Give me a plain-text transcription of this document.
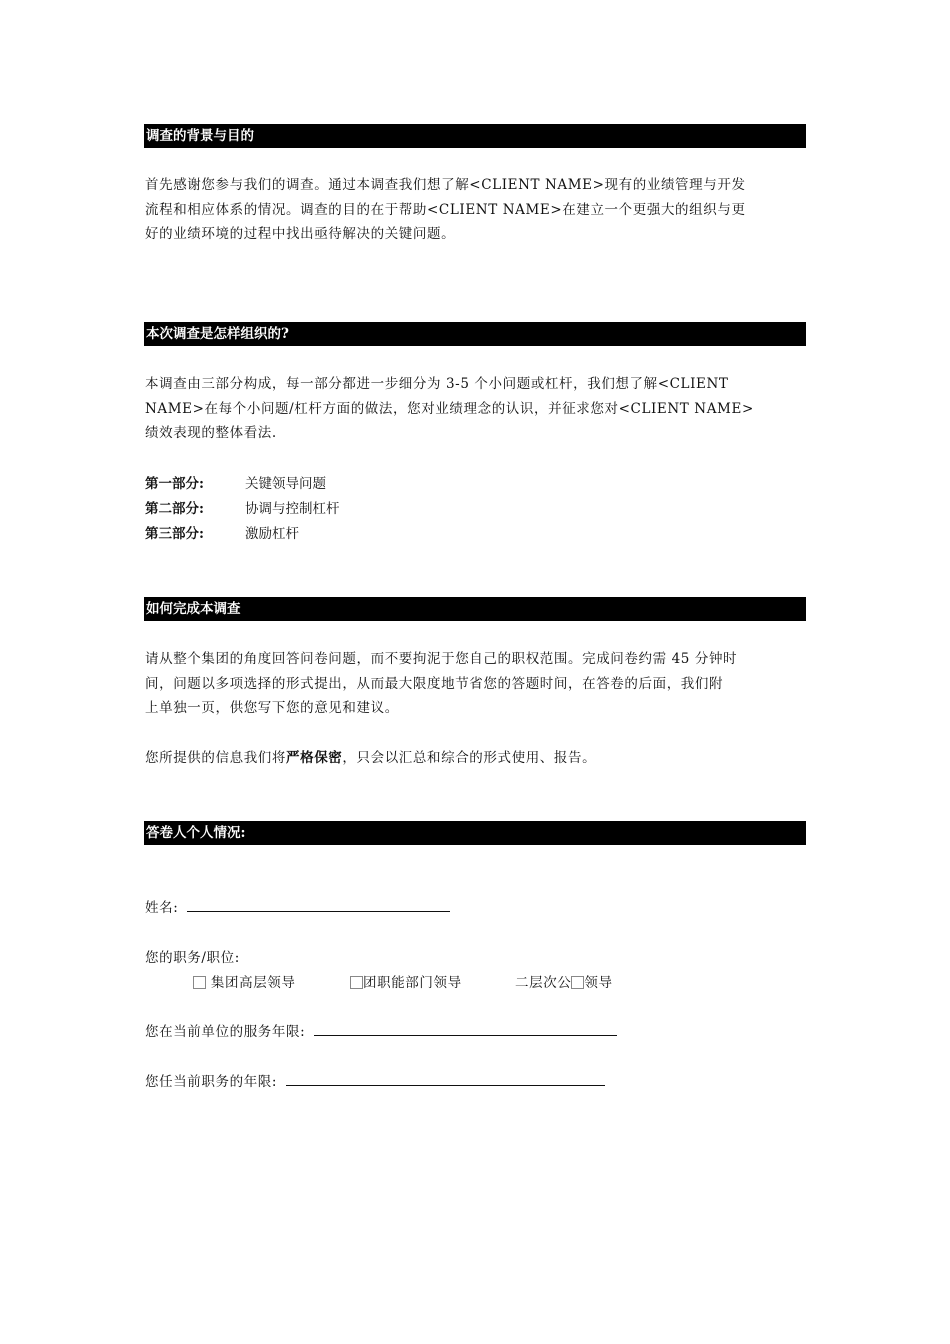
调查的背景与目的
首先感谢您参与我们的调查。通过本调查我们想了解<CLIENT NAME>现有的业绩管理与开发
流程和相应体系的情况。调查的目的在于帮助<CLIENT NAME>在建立一个更强大的组织与更
好的业绩环境的过程中找出亟待解决的关键问题。
本次调查是怎样组织的?
本调查由三部分构成，每一部分都进一步细分为 3-5 个小问题或杠杆，我们想了解<CLIENT
NAME>在每个小问题/杠杆方面的做法，您对业绩理念的认识，并征求您对<CLIENT NAME>
绩效表现的整体看法.
第一部分:	关键领导问题
第二部分:	协调与控制杠杆
第三部分:	激励杠杆
如何完成本调查
请从整个集团的角度回答问卷问题，而不要拘泥于您自己的职权范围。完成问卷约需 45 分钟时
间，问题以多项选择的形式提出，从而最大限度地节省您的答题时间，在答卷的后面，我们附
上单独一页，供您写下您的意见和建议。
您所提供的信息我们将严格保密，只会以汇总和综合的形式使用、报告。
答卷人个人情况:
姓名:
您的职务/职位:
集团高层领导	团职能部门领导	二层次公 领导
您在当前单位的服务年限:
您任当前职务的年限:
